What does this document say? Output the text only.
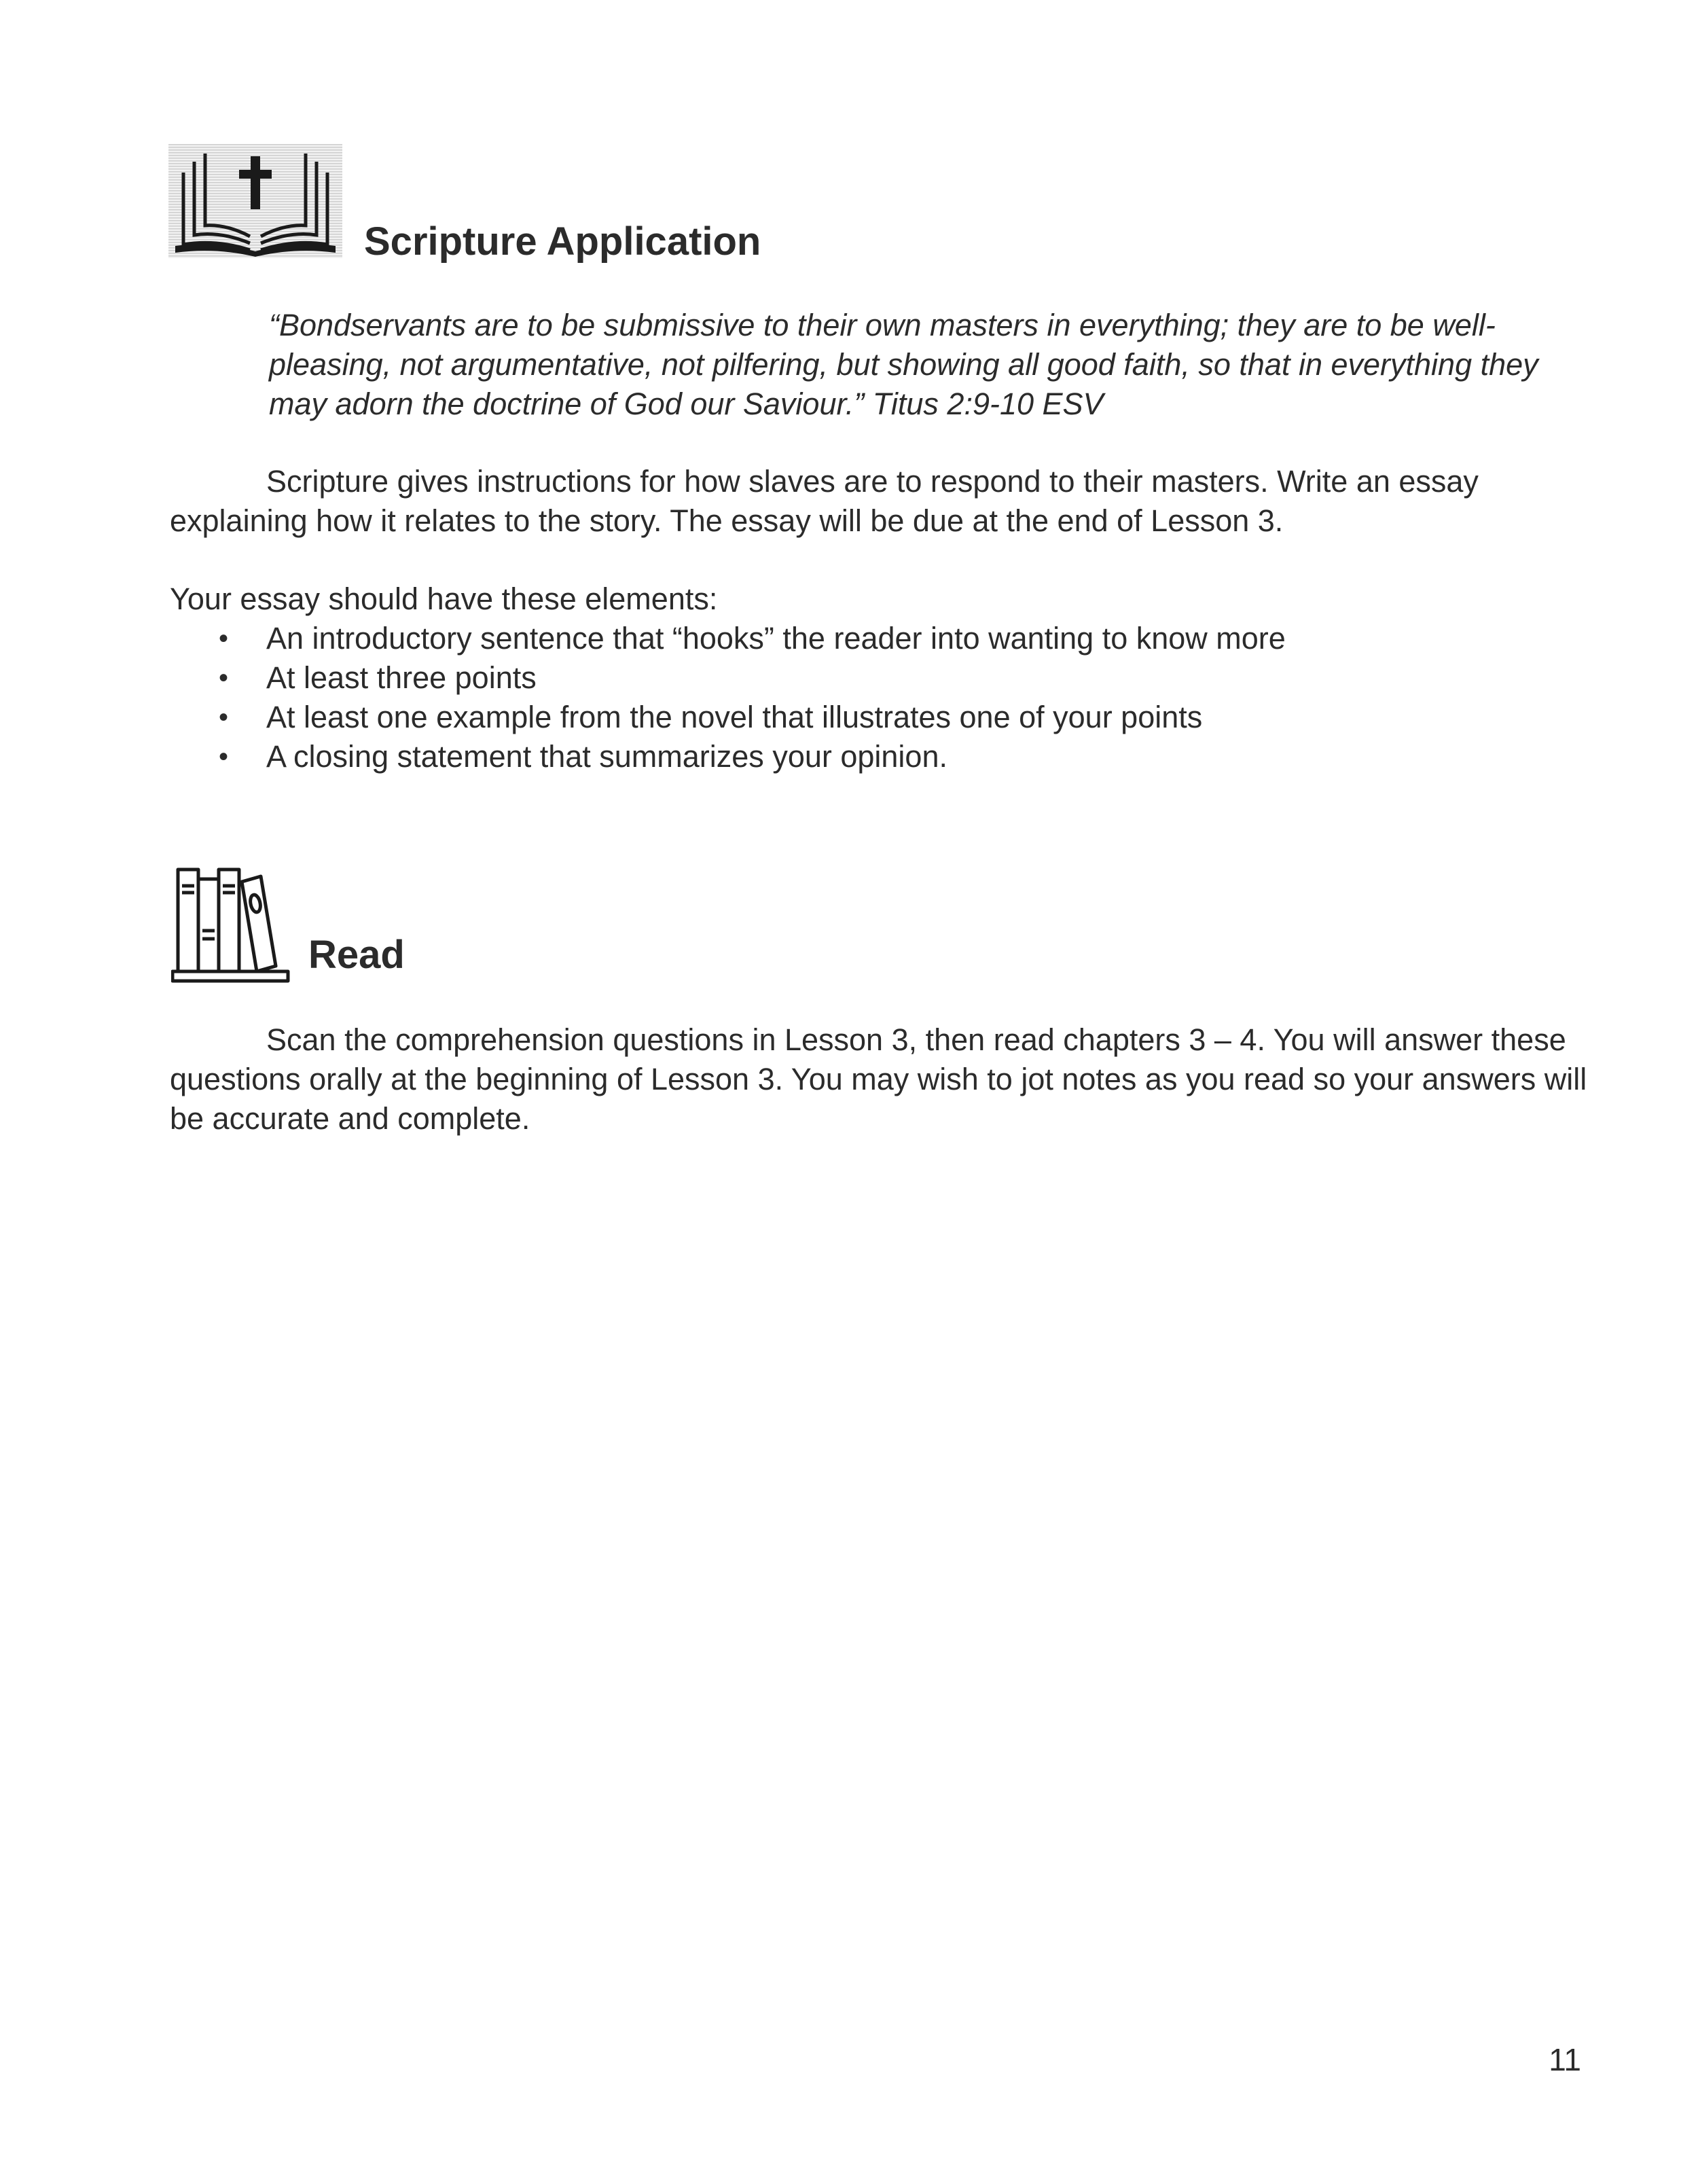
Scripture Application

“Bondservants are to be submissive to their own masters in everything; they are to be well-pleasing, not argumentative, not pilfering, but showing all good faith, so that in everything they may adorn the doctrine of God our Saviour.” Titus 2:9-10 ESV

Scripture gives instructions for how slaves are to respond to their masters. Write an essay explaining how it relates to the story. The essay will be due at the end of Lesson 3.

Your essay should have these elements:

• An introductory sentence that “hooks” the reader into wanting to know more
• At least three points
• At least one example from the novel that illustrates one of your points
• A closing statement that summarizes your opinion.
Read

Scan the comprehension questions in Lesson 3, then read chapters 3 – 4. You will answer these questions orally at the beginning of Lesson 3. You may wish to jot notes as you read so your answers will be accurate and complete.

11
